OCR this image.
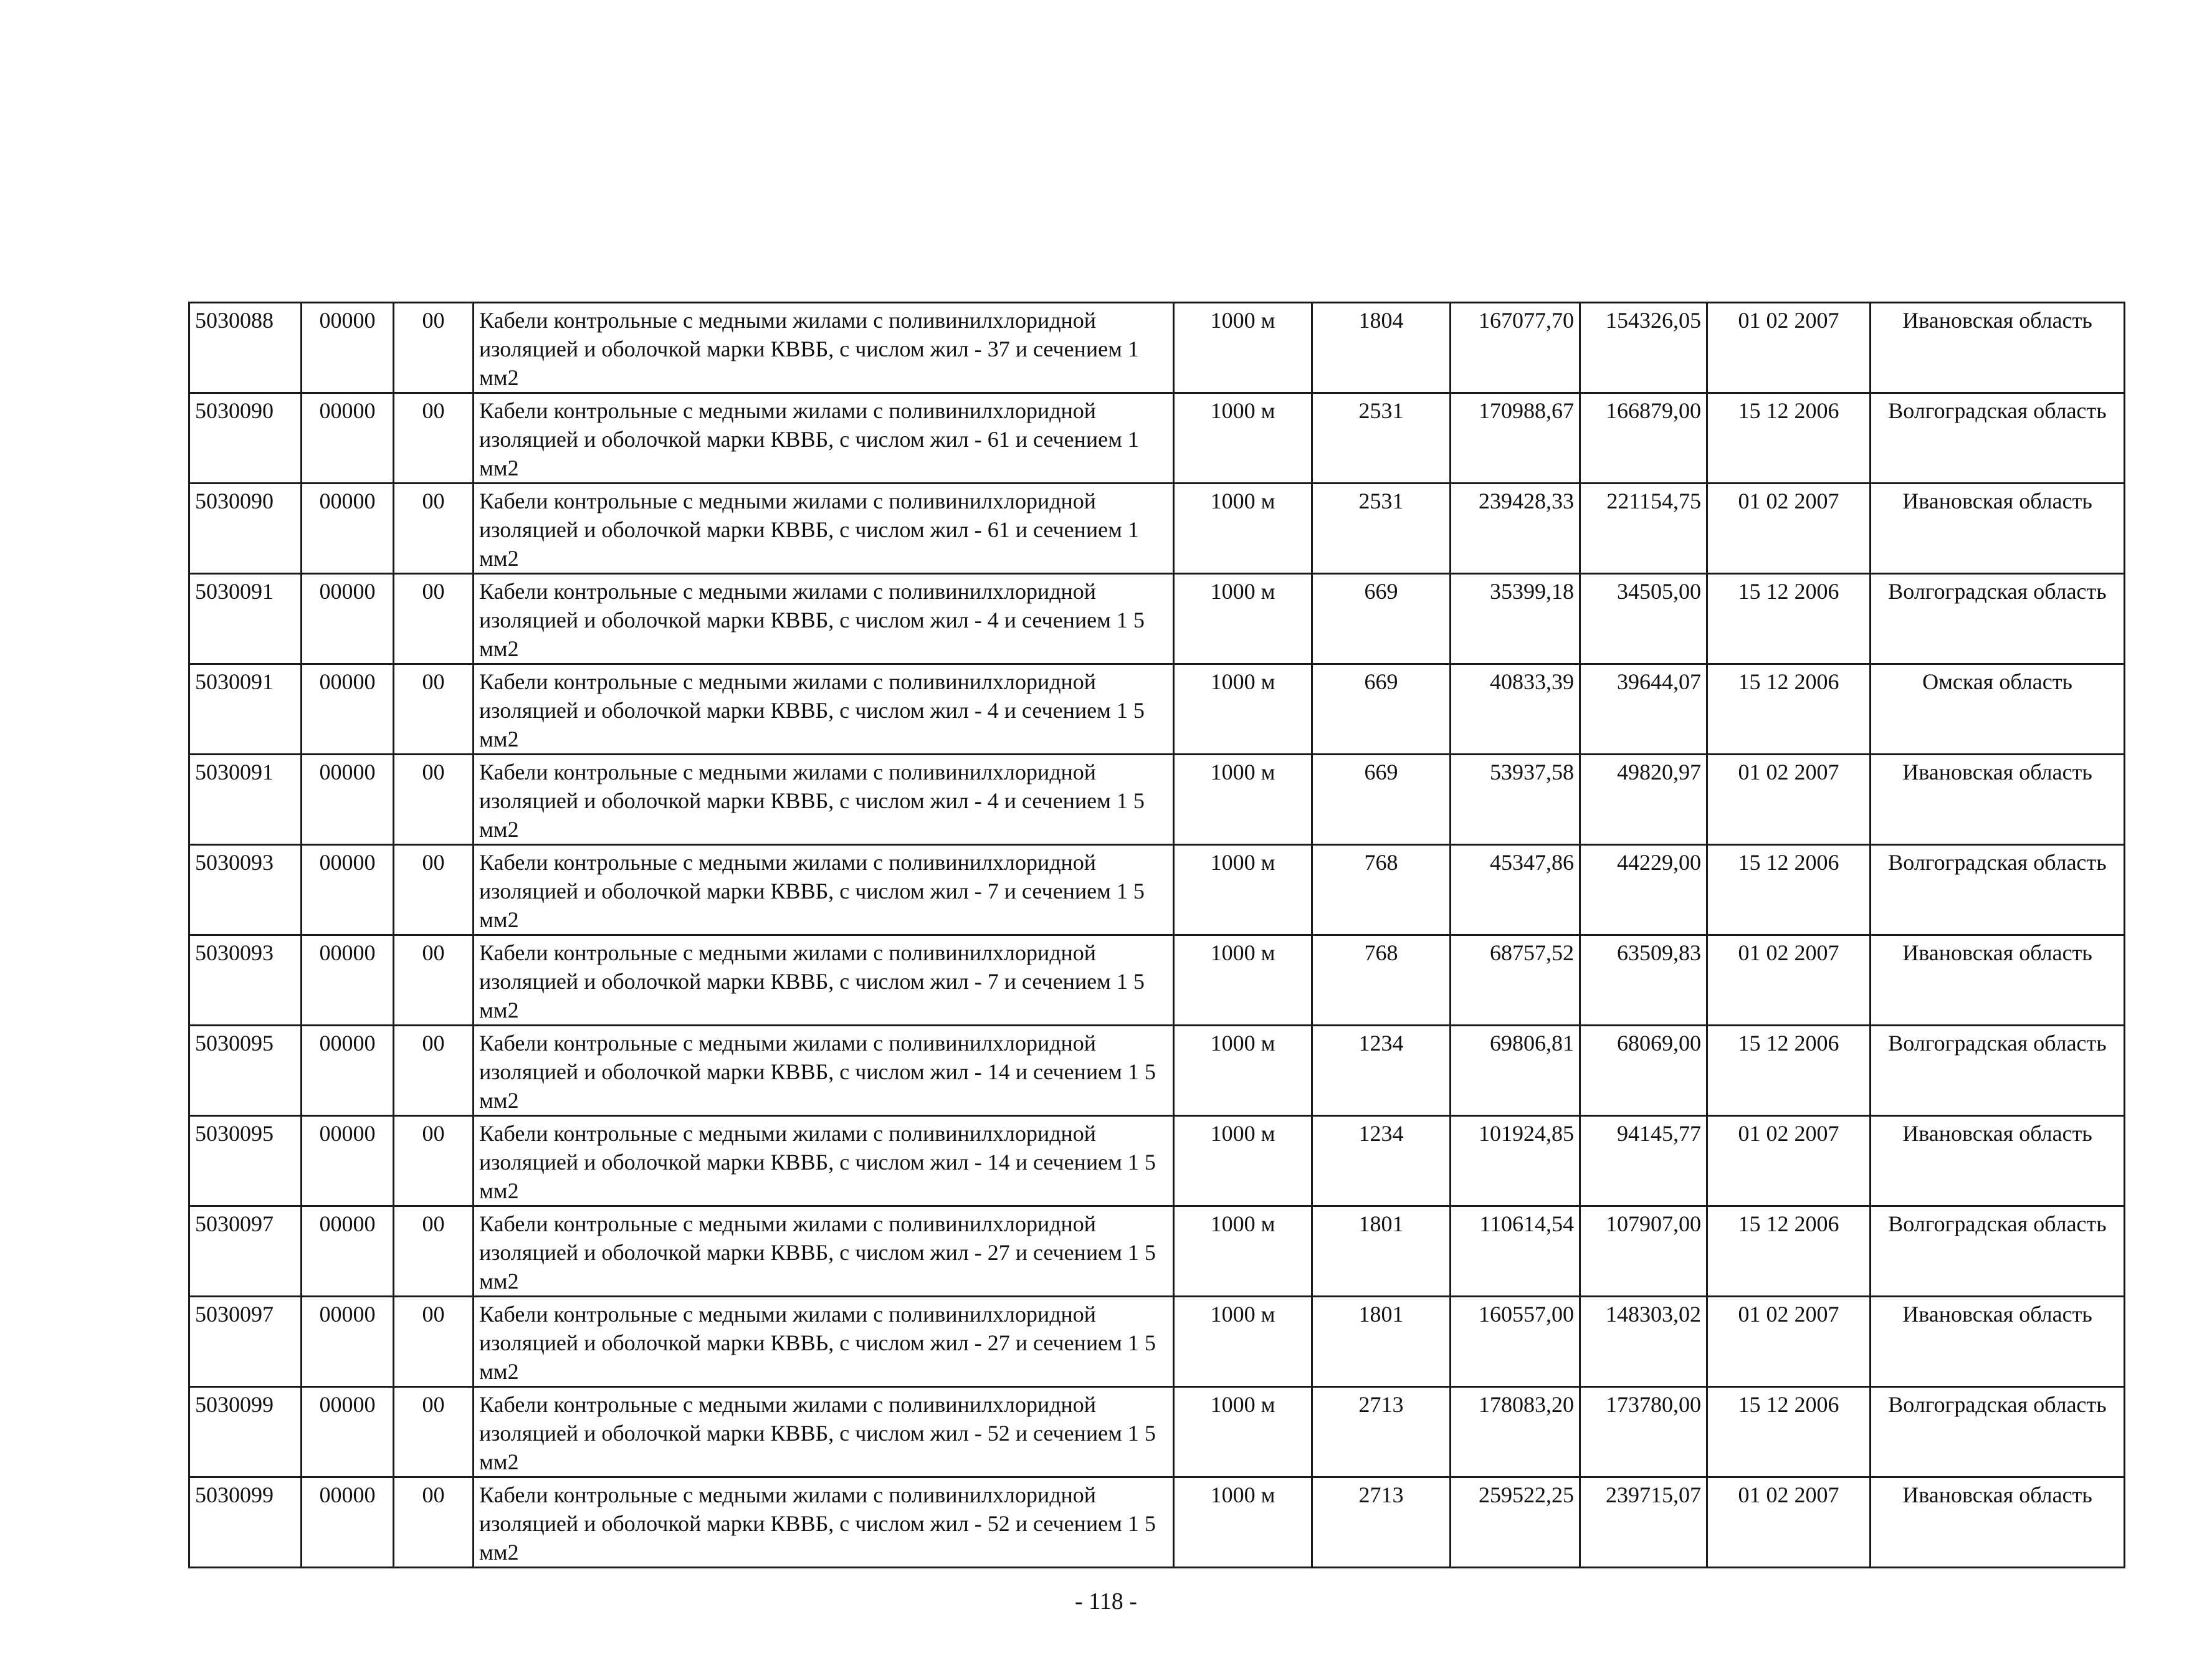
5030088	00000	00	Кабели контрольные с медными жилами с поливинилхлоридной изоляцией и оболочкой марки КВВБ, с числом жил - 37 и сечением 1 мм2	1000 м	1804	167077,70	154326,05	01 02 2007	Ивановская область
5030090	00000	00	Кабели контрольные с медными жилами с поливинилхлоридной изоляцией и оболочкой марки КВВБ, с числом жил - 61 и сечением 1 мм2	1000 м	2531	170988,67	166879,00	15 12 2006	Волгоградская область
5030090	00000	00	Кабели контрольные с медными жилами с поливинилхлоридной изоляцией и оболочкой марки КВВБ, с числом жил - 61 и сечением 1 мм2	1000 м	2531	239428,33	221154,75	01 02 2007	Ивановская область
5030091	00000	00	Кабели контрольные с медными жилами с поливинилхлоридной изоляцией и оболочкой марки КВВБ, с числом жил - 4 и сечением 1 5 мм2	1000 м	669	35399,18	34505,00	15 12 2006	Волгоградская область
5030091	00000	00	Кабели контрольные с медными жилами с поливинилхлоридной изоляцией и оболочкой марки КВВБ, с числом жил - 4 и сечением 1 5 мм2	1000 м	669	40833,39	39644,07	15 12 2006	Омская область
5030091	00000	00	Кабели контрольные с медными жилами с поливинилхлоридной изоляцией и оболочкой марки КВВБ, с числом жил - 4 и сечением 1 5 мм2	1000 м	669	53937,58	49820,97	01 02 2007	Ивановская область
5030093	00000	00	Кабели контрольные с медными жилами с поливинилхлоридной изоляцией и оболочкой марки КВВБ, с числом жил - 7 и сечением 1 5 мм2	1000 м	768	45347,86	44229,00	15 12 2006	Волгоградская область
5030093	00000	00	Кабели контрольные с медными жилами с поливинилхлоридной изоляцией и оболочкой марки КВВБ, с числом жил - 7 и сечением 1 5 мм2	1000 м	768	68757,52	63509,83	01 02 2007	Ивановская область
5030095	00000	00	Кабели контрольные с медными жилами с поливинилхлоридной изоляцией и оболочкой марки КВВБ, с числом жил - 14 и сечением 1 5 мм2	1000 м	1234	69806,81	68069,00	15 12 2006	Волгоградская область
5030095	00000	00	Кабели контрольные с медными жилами с поливинилхлоридной изоляцией и оболочкой марки КВВБ, с числом жил - 14 и сечением 1 5 мм2	1000 м	1234	101924,85	94145,77	01 02 2007	Ивановская область
5030097	00000	00	Кабели контрольные с медными жилами с поливинилхлоридной изоляцией и оболочкой марки КВВБ, с числом жил - 27 и сечением 1 5 мм2	1000 м	1801	110614,54	107907,00	15 12 2006	Волгоградская область
5030097	00000	00	Кабели контрольные с медными жилами с поливинилхлоридной изоляцией и оболочкой марки КВВЬ, с числом жил - 27 и сечением 1 5 мм2	1000 м	1801	160557,00	148303,02	01 02 2007	Ивановская область
5030099	00000	00	Кабели контрольные с медными жилами с поливинилхлоридной изоляцией и оболочкой марки КВВБ, с числом жил - 52 и сечением 1 5 мм2	1000 м	2713	178083,20	173780,00	15 12 2006	Волгоградская область
5030099	00000	00	Кабели контрольные с медными жилами с поливинилхлоридной изоляцией и оболочкой марки КВВБ, с числом жил - 52 и сечением 1 5 мм2	1000 м	2713	259522,25	239715,07	01 02 2007	Ивановская область
- 118 -
